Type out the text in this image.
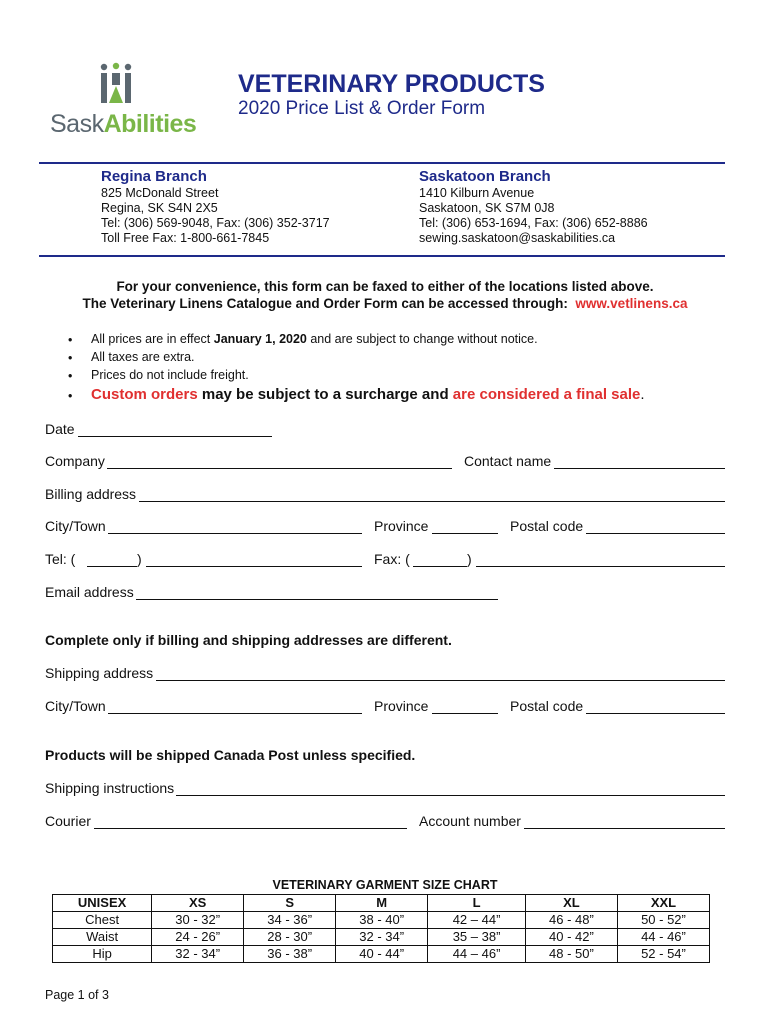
SaskAbilities
VETERINARY PRODUCTS
2020 Price List & Order Form
Regina Branch
825 McDonald Street
Regina, SK S4N 2X5
Tel: (306) 569-9048, Fax: (306) 352-3717
Toll Free Fax: 1-800-661-7845
Saskatoon Branch
1410 Kilburn Avenue
Saskatoon, SK S7M 0J8
Tel: (306) 653-1694, Fax: (306) 652-8886
sewing.saskatoon@saskabilities.ca
For your convenience, this form can be faxed to either of the locations listed above.
The Veterinary Linens Catalogue and Order Form can be accessed through: www.vetlinens.ca
• All prices are in effect January 1, 2020 and are subject to change without notice.
• All taxes are extra.
• Prices do not include freight.
• Custom orders may be subject to a surcharge and are considered a final sale.
Date
Company	Contact name
Billing address
City/Town	Province	Postal code
Tel: (	)	Fax: (	)
Email address
Complete only if billing and shipping addresses are different.
Shipping address
City/Town	Province	Postal code
Products will be shipped Canada Post unless specified.
Shipping instructions
Courier	Account number
VETERINARY GARMENT SIZE CHART
UNISEX	XS	S	M	L	XL	XXL
Chest	30 - 32”	34 - 36”	38 - 40”	42 – 44”	46 - 48”	50 - 52”
Waist	24 - 26”	28 - 30”	32 - 34”	35 – 38”	40 - 42”	44 - 46”
Hip	32 - 34”	36 - 38”	40 - 44”	44 – 46”	48 - 50”	52 - 54”
Page 1 of 3
